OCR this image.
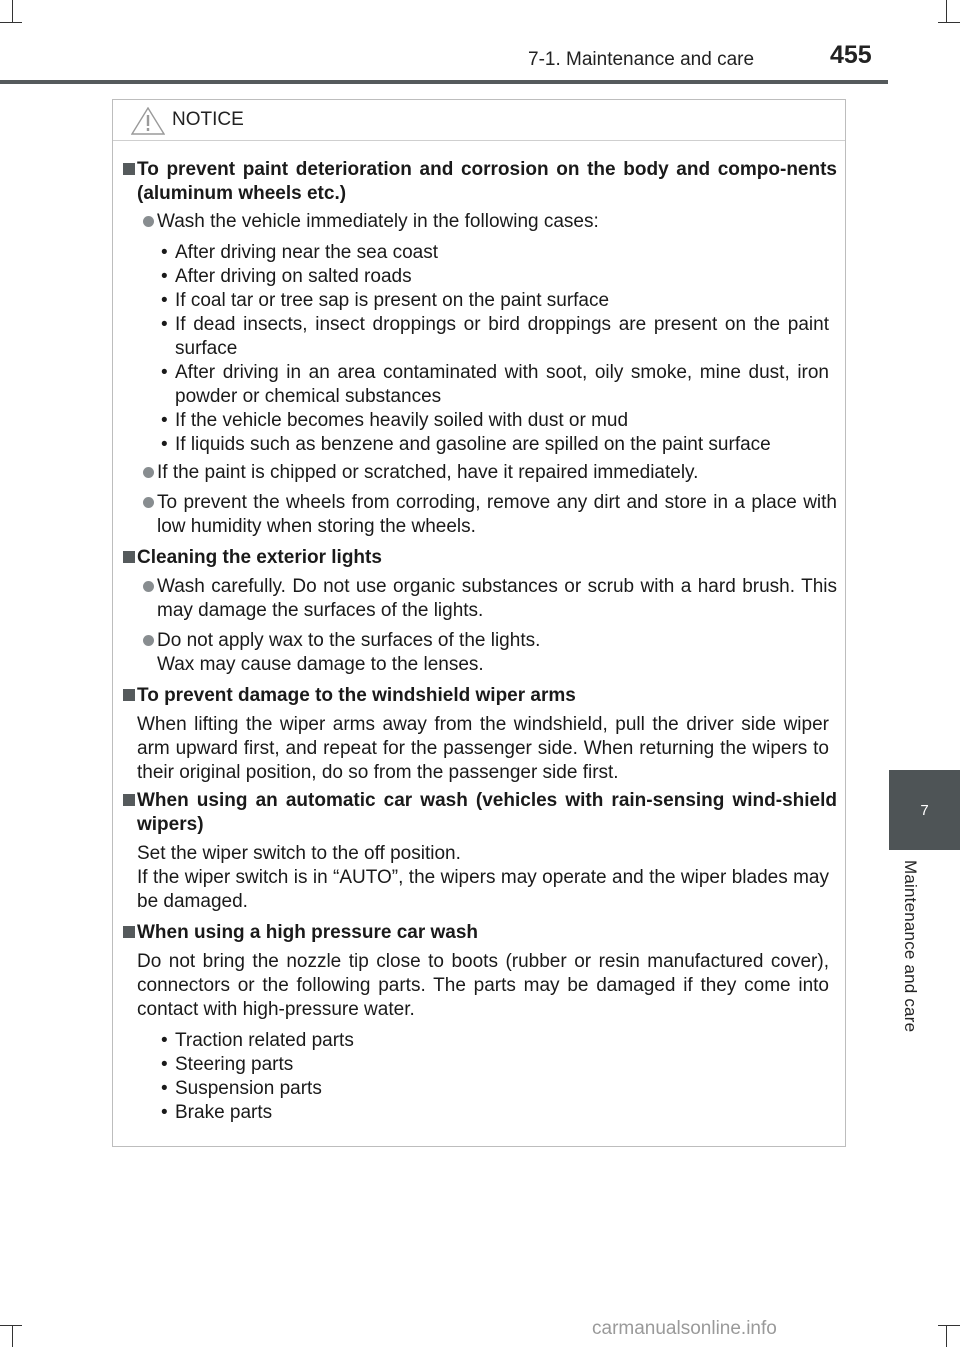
7-1. Maintenance and care	455
7
Maintenance and care
NOTICE
To prevent paint deterioration and corrosion on the body and compo-nents (aluminum wheels etc.)
Wash the vehicle immediately in the following cases:
• After driving near the sea coast
• After driving on salted roads
• If coal tar or tree sap is present on the paint surface
• If dead insects, insect droppings or bird droppings are present on the paint surface
• After driving in an area contaminated with soot, oily smoke, mine dust, iron powder or chemical substances
• If the vehicle becomes heavily soiled with dust or mud
• If liquids such as benzene and gasoline are spilled on the paint surface
If the paint is chipped or scratched, have it repaired immediately.
To prevent the wheels from corroding, remove any dirt and store in a place with low humidity when storing the wheels.
Cleaning the exterior lights
Wash carefully. Do not use organic substances or scrub with a hard brush. This may damage the surfaces of the lights.
Do not apply wax to the surfaces of the lights.
Wax may cause damage to the lenses.
To prevent damage to the windshield wiper arms
When lifting the wiper arms away from the windshield, pull the driver side wiper arm upward first, and repeat for the passenger side. When returning the wipers to their original position, do so from the passenger side first.
When using an automatic car wash (vehicles with rain-sensing wind-shield wipers)
Set the wiper switch to the off position.
If the wiper switch is in “AUTO”, the wipers may operate and the wiper blades may be damaged.
When using a high pressure car wash
Do not bring the nozzle tip close to boots (rubber or resin manufactured cover), connectors or the following parts. The parts may be damaged if they come into contact with high-pressure water.
• Traction related parts
• Steering parts
• Suspension parts
• Brake parts
carmanualsonline.info
